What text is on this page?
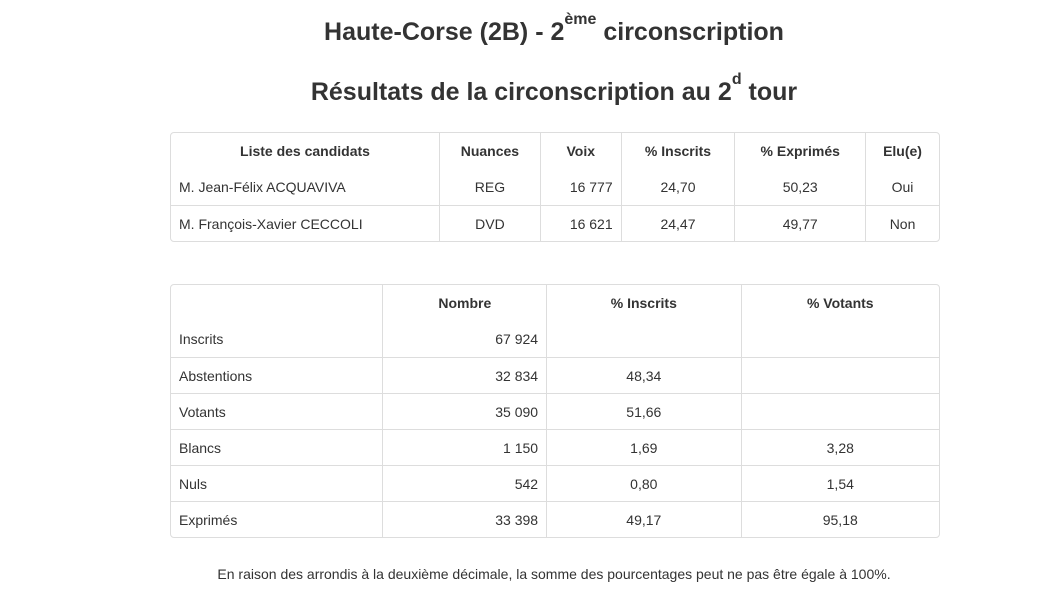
Haute-Corse (2B) - 2ème circonscription
Résultats de la circonscription au 2$^d$ tour
Liste des candidats	Nuances	Voix	% Inscrits	% Exprimés	Elu(e)
M. Jean-Félix ACQUAVIVA	REG	16 777	24,70	50,23	Oui
M. François-Xavier CECCOLI	DVD	16 621	24,47	49,77	Non
	Nombre	% Inscrits	% Votants
Inscrits	67 924		
Abstentions	32 834	48,34	
Votants	35 090	51,66	
Blancs	1 150	1,69	3,28
Nuls	542	0,80	1,54
Exprimés	33 398	49,17	95,18
En raison des arrondis à la deuxième décimale, la somme des pourcentages peut ne pas être égale à 100%.
